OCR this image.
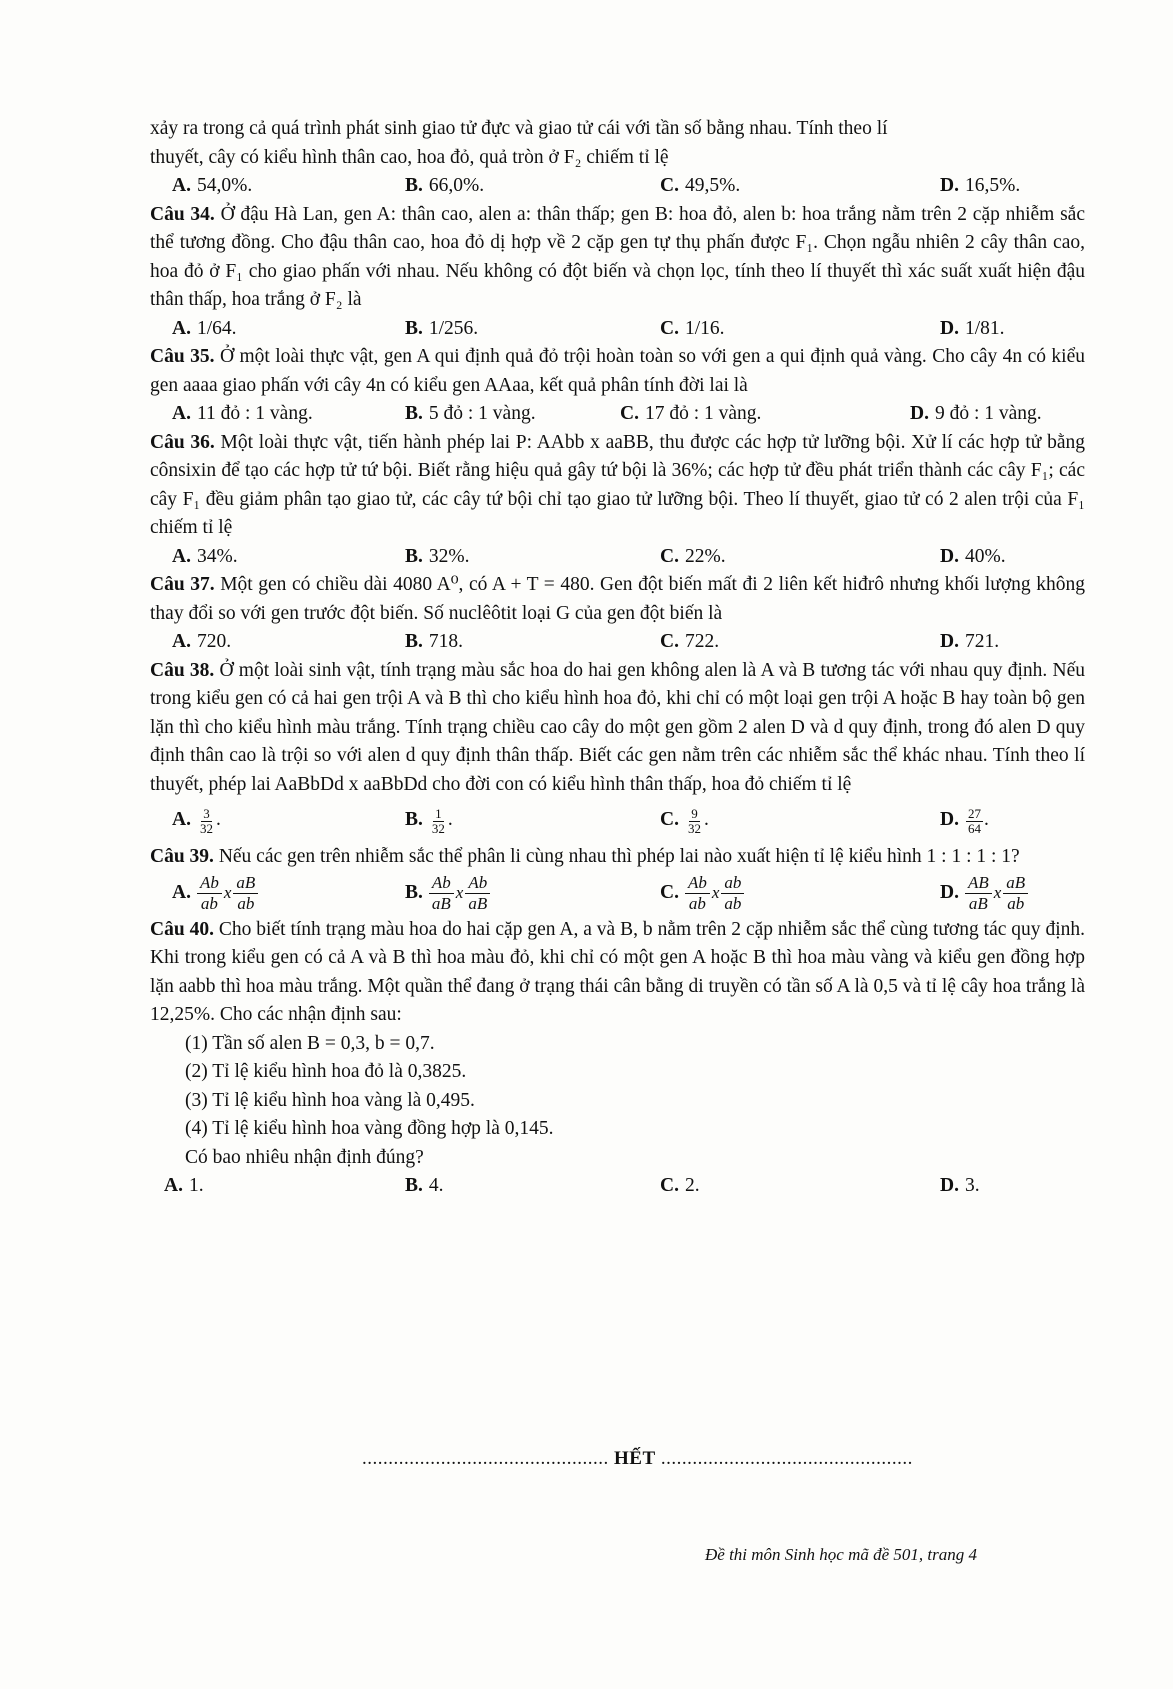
xảy ra trong cả quá trình phát sinh giao tử đực và giao tử cái với tần số bằng nhau. Tính theo lí
thuyết, cây có kiểu hình thân cao, hoa đỏ, quả tròn ở F₂ chiếm tỉ lệ

A. 54,0%.	B. 66,0%.	C. 49,5%.	D. 16,5%.

Câu 34. Ở đậu Hà Lan, gen A: thân cao, alen a: thân thấp; gen B: hoa đỏ, alen b: hoa trắng nằm trên 2 cặp nhiễm sắc thể tương đồng. Cho đậu thân cao, hoa đỏ dị hợp về 2 cặp gen tự thụ phấn được F₁. Chọn ngẫu nhiên 2 cây thân cao, hoa đỏ ở F₁ cho giao phấn với nhau. Nếu không có đột biến và chọn lọc, tính theo lí thuyết thì xác suất xuất hiện đậu thân thấp, hoa trắng ở F₂ là

A. 1/64.	B. 1/256.	C. 1/16.	D. 1/81.

Câu 35. Ở một loài thực vật, gen A qui định quả đỏ trội hoàn toàn so với gen a qui định quả vàng. Cho cây 4n có kiểu gen aaaa giao phấn với cây 4n có kiểu gen AAaa, kết quả phân tính đời lai là

A. 11 đỏ : 1 vàng.	B. 5 đỏ : 1 vàng.	C. 17 đỏ : 1 vàng.	D. 9 đỏ : 1 vàng.

Câu 36. Một loài thực vật, tiến hành phép lai P: AAbb x aaBB, thu được các hợp tử lưỡng bội. Xử lí các hợp tử bằng cônsixin để tạo các hợp tử tứ bội. Biết rằng hiệu quả gây tứ bội là 36%; các hợp tử đều phát triển thành các cây F₁; các cây F₁ đều giảm phân tạo giao tử, các cây tứ bội chỉ tạo giao tử lưỡng bội. Theo lí thuyết, giao tử có 2 alen trội của F₁ chiếm tỉ lệ

A. 34%.	B. 32%.	C. 22%.	D. 40%.

Câu 37. Một gen có chiều dài 4080 A⁰, có A + T = 480. Gen đột biến mất đi 2 liên kết hiđrô nhưng khối lượng không thay đổi so với gen trước đột biến. Số nuclêôtit loại G của gen đột biến là

A. 720.	B. 718.	C. 722.	D. 721.

Câu 38. Ở một loài sinh vật, tính trạng màu sắc hoa do hai gen không alen là A và B tương tác với nhau quy định. Nếu trong kiểu gen có cả hai gen trội A và B thì cho kiểu hình hoa đỏ, khi chỉ có một loại gen trội A hoặc B hay toàn bộ gen lặn thì cho kiểu hình màu trắng. Tính trạng chiều cao cây do một gen gồm 2 alen D và d quy định, trong đó alen D quy định thân cao là trội so với alen d quy định thân thấp. Biết các gen nằm trên các nhiễm sắc thể khác nhau. Tính theo lí thuyết, phép lai AaBbDd x aaBbDd cho đời con có kiểu hình thân thấp, hoa đỏ chiếm tỉ lệ

A. $\frac{3}{32}$ .	B. $\frac{1}{32}$ .	C. $\frac{9}{32}$ .	D. $\frac{27}{64}$ .

Câu 39. Nếu các gen trên nhiễm sắc thể phân li cùng nhau thì phép lai nào xuất hiện tỉ lệ kiểu hình 1 : 1 : 1 : 1?

A. $\frac{Ab}{ab}$ x $\frac{aB}{ab}$	B. $\frac{Ab}{aB}$ x $\frac{Ab}{aB}$	C. $\frac{Ab}{ab}$ x $\frac{ab}{ab}$	D. $\frac{AB}{aB}$ x $\frac{aB}{ab}$

Câu 40. Cho biết tính trạng màu hoa do hai cặp gen A, a và B, b nằm trên 2 cặp nhiễm sắc thể cùng tương tác quy định. Khi trong kiểu gen có cả A và B thì hoa màu đỏ, khi chỉ có một gen A hoặc B thì hoa màu vàng và kiểu gen đồng hợp lặn aabb thì hoa màu trắng. Một quần thể đang ở trạng thái cân bằng di truyền có tần số A là 0,5 và tỉ lệ cây hoa trắng là 12,25%. Cho các nhận định sau:

(1) Tần số alen B = 0,3, b = 0,7.

(2) Tỉ lệ kiểu hình hoa đỏ là 0,3825.

(3) Tỉ lệ kiểu hình hoa vàng là 0,495.

(4) Tỉ lệ kiểu hình hoa vàng đồng hợp là 0,145.

Có bao nhiêu nhận định đúng?

A. 1.	B. 4.	C. 2.	D. 3.
............................................... HẾT ................................................
Đề thi môn Sinh học mã đề 501, trang 4
